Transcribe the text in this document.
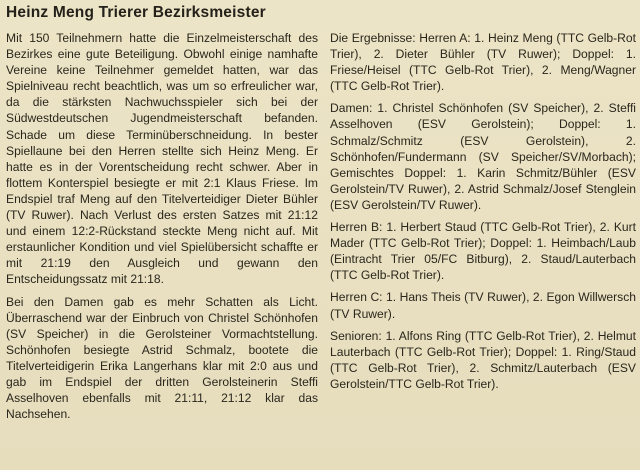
Heinz Meng Trierer Bezirksmeister

Mit 150 Teilnehmern hatte die Einzelmeisterschaft des Bezirkes eine gute Beteiligung. Obwohl einige namhafte Vereine keine Teilnehmer gemeldet hatten, war das Spielniveau recht beachtlich, was um so erfreulicher war, da die stärksten Nachwuchsspieler sich bei der Südwestdeutschen Jugendmeisterschaft befanden. Schade um diese Terminüberschneidung. In bester Spiellaune bei den Herren stellte sich Heinz Meng. Er hatte es in der Vorentscheidung recht schwer. Aber in flottem Konterspiel besiegte er mit 2:1 Klaus Friese. Im Endspiel traf Meng auf den Titelverteidiger Dieter Bühler (TV Ruwer). Nach Verlust des ersten Satzes mit 21:12 und einem 12:2-Rückstand steckte Meng nicht auf. Mit erstaunlicher Kondition und viel Spielübersicht schaffte er mit 21:19 den Ausgleich und gewann den Entscheidungssatz mit 21:18.

Bei den Damen gab es mehr Schatten als Licht. Überraschend war der Einbruch von Christel Schönhofen (SV Speicher) in die Gerolsteiner Vormachtstellung. Schönhofen besiegte Astrid Schmalz, bootete die Titelverteidigerin Erika Langerhans klar mit 2:0 aus und gab im Endspiel der dritten Gerolsteinerin Steffi Asselhoven ebenfalls mit 21:11, 21:12 klar das Nachsehen.

Die Ergebnisse: Herren A: 1. Heinz Meng (TTC Gelb-Rot Trier), 2. Dieter Bühler (TV Ruwer); Doppel: 1. Friese/Heisel (TTC Gelb-Rot Trier), 2. Meng/Wagner (TTC Gelb-Rot Trier).

Damen: 1. Christel Schönhofen (SV Speicher), 2. Steffi Asselhoven (ESV Gerolstein); Doppel: 1. Schmalz/Schmitz (ESV Gerolstein), 2. Schönhofen/Fundermann (SV Speicher/SV/Morbach); Gemischtes Doppel: 1. Karin Schmitz/Bühler (ESV Gerolstein/TV Ruwer), 2. Astrid Schmalz/Josef Stenglein (ESV Gerolstein/TV Ruwer).

Herren B: 1. Herbert Staud (TTC Gelb-Rot Trier), 2. Kurt Mader (TTC Gelb-Rot Trier); Doppel: 1. Heimbach/Laub (Eintracht Trier 05/FC Bitburg), 2. Staud/Lauterbach (TTC Gelb-Rot Trier).

Herren C: 1. Hans Theis (TV Ruwer), 2. Egon Willwersch (TV Ruwer).

Senioren: 1. Alfons Ring (TTC Gelb-Rot Trier), 2. Helmut Lauterbach (TTC Gelb-Rot Trier); Doppel: 1. Ring/Staud (TTC Gelb-Rot Trier), 2. Schmitz/Lauterbach (ESV Gerolstein/TTC Gelb-Rot Trier).
